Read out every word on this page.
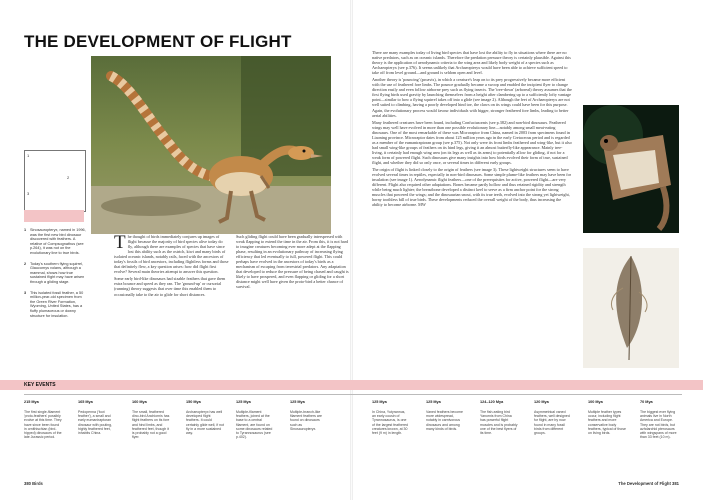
THE DEVELOPMENT OF FLIGHT
1
2
3
1 Sinosauropteryx, named in 1996, was the first new bird dinosaur discovered with feathers. A relative of Compsognathus (see p.264), it was not on the evolutionary line to true birds.
2 Today's southern flying squirrel, Glaucomys volans, although a mammal, shows how true sustained flight may have arisen through a gliding stage.
3 This isolated fossil feather, a 50 million-year-old specimen from the Green River Formation, Wyoming, United States, has a fluffy plumaceous or downy structure for insulation.

The thought of birds immediately conjures up images of flight because the majority of bird species alive today do fly, although there are examples of species that have since lost this ability such as the ostrich, kiwi and many birds of isolated oceanic islands, notably rails, faced with the ancestors of today's fossils of bird ancestors, including flightless forms and those that definitely flew, a key question arises: how did flight first evolve? Several main theories attempt to answer this question.

Some early bird-like dinosaurs had sizable feathers that gave them extra bounce and speed as they ran. The 'ground-up' or cursorial (running) theory suggests that over time this enabled them to occasionally take to the air to glide for short distances.

Such gliding flight could have been gradually interspersed with weak flapping to extend the time in the air. From this, it is not hard to imagine creatures becoming ever more adept at the flapping phase, resulting in an evolutionary pathway of increasing flying efficiency that led eventually to full, powered flight. This could perhaps have evolved in the ancestors of today's birds as a mechanism of escaping from terrestrial predators. Any adaptation that developed to reduce the pressure of being chased and caught is likely to have prospered, and even flapping or gliding for a short distance might well have given the proto-bird a better chance of survival.

There are many examples today of living bird species that have lost the ability to fly in situations where there are no native predators, such as on oceanic islands. Therefore the predation pressure theory is certainly plausible. Against this theory is the application of aerodynamic criteria to the wing area and likely body weight of a species such as Archaeopteryx (see p.376). It seems unlikely that Archaeopteryx would have been able to achieve sufficient speed to take off from level ground—and ground is seldom open and level.

Another theory is 'pouncing' (proavis), in which a creature's leap on to its prey progressively became more efficient with the use of feathered fore limbs. The pounce gradually became a swoop and enabled the incipient flyer to change direction easily and even follow airborne prey such as flying insects. The 'tree-down' (arboreal) theory assumes that the first flying birds used gravity by launching themselves from a height after clambering up to a sufficiently lofty vantage point—similar to how a flying squirrel takes off into a glide (see image 2). Although the feet of Archaeopteryx are not well suited to climbing, having a poorly developed hind toe, the claws on its wings could have been for this purpose. Again, the evolutionary process would favour individuals with bigger, stronger feathered fore limbs, leading to better aerial abilities.

Many feathered creatures have been found, including Confuciusornis (see p.382) and non-bird dinosaurs. Feathered wings may well have evolved in more than one possible evolutionary line—notably among small meat-eating dinosaurs. One of the most remarkable of these was Microraptor from China, named in 2003 from specimens found in Liaoning province. Microraptor dates from about 125 million years ago in the early Cretaceous period and is regarded as a member of the eumaniraptoran group (see p.375). Not only were its front limbs feathered and wing-like, but it also had small wing-like groups of feathers on its hind legs, giving it an almost butterfly-like appearance. Mainly tree-living, it certainly had enough wing area (on its legs as well as its arms) to potentially allow for gliding, if not for a weak form of powered flight. Such dinosaurs give many insights into how birds evolved their form of true, sustained flight, and whether they did so only once, or several times in different early groups.

The origin of flight is linked closely to the origin of feathers (see image 3). These lightweight structures seem to have evolved several times in reptiles, especially in non-bird dinosaurs. Some simple plume-like feathers may have been for insulation (see image 1). Aerodynamic flight feathers—one of the prerequisites for active, powered flight—are very different. Flight also required other adaptations. Bones became partly hollow and thus retained rigidity and strength while being much lighter; the breastbone developed a distinct keel to serve as a firm anchor point for the strong muscles that powered the wings; and the dinosaurian snout, with its true teeth, evolved into the strong yet lightweight, horny toothless bill of true birds. These developments reduced the overall weight of the body, thus increasing the ability to become airborne. MW

KEY EVENTS
215 Mya
The first single-filament 'proto-feathers' possibly evolve at this time. They have since been found in ornithischian (bird-hipped) dinosaurs of the late Jurassic period.
165 Mya
Pedopenna ('foot feather'), a small and early eumaniraptoran dinosaur with pouting, highly feathered feet, inhabits China.
160 Mya
The small, feathered dino-bird Anchiornis has flight feathers on its fore and hind limbs, and feathered feet, though it is probably not a good flyer.
150 Mya
Archaeopteryx has well developed flight feathers. It could certainly glide well, if not fly in a more sustained way.
125 Mya
Multiple-filament feathers, joined at the base to a central filament, are found on some dinosaurs related to Tyrannosaurus (see p.402).
125 Mya
Multiple-branch-like filament feathers are found on dinosaurs such as Sinosauropteryx.
125 Mya
In China, Yutyrannus, an early cousin of Tyrannosaurus, is one of the largest feathered creatures known, at 30 feet (9 m) in length.
125 Mya
Vaned feathers become more widespread, notably in carnivorous dinosaurs and among many kinds of birds.
124–120 Mya
The fish-eating bird Yanornis from China has powerful flight muscles and is probably one of the best flyers of its time.
120 Mya
Asymmetrical vaned feathers, well designed for flight, are by now found in many fossil birds from different groups.
100 Mya
Multiple feather types occur, including flight feathers and more conservative body feathers, typical of those on living birds.
70 Mya
The biggest ever flying animals live in North America and Europe. They are not birds, but azhdarchid pterosaurs with wingspans of more than 33 feet (10 m).
380 Birds	The Development of Flight 381
